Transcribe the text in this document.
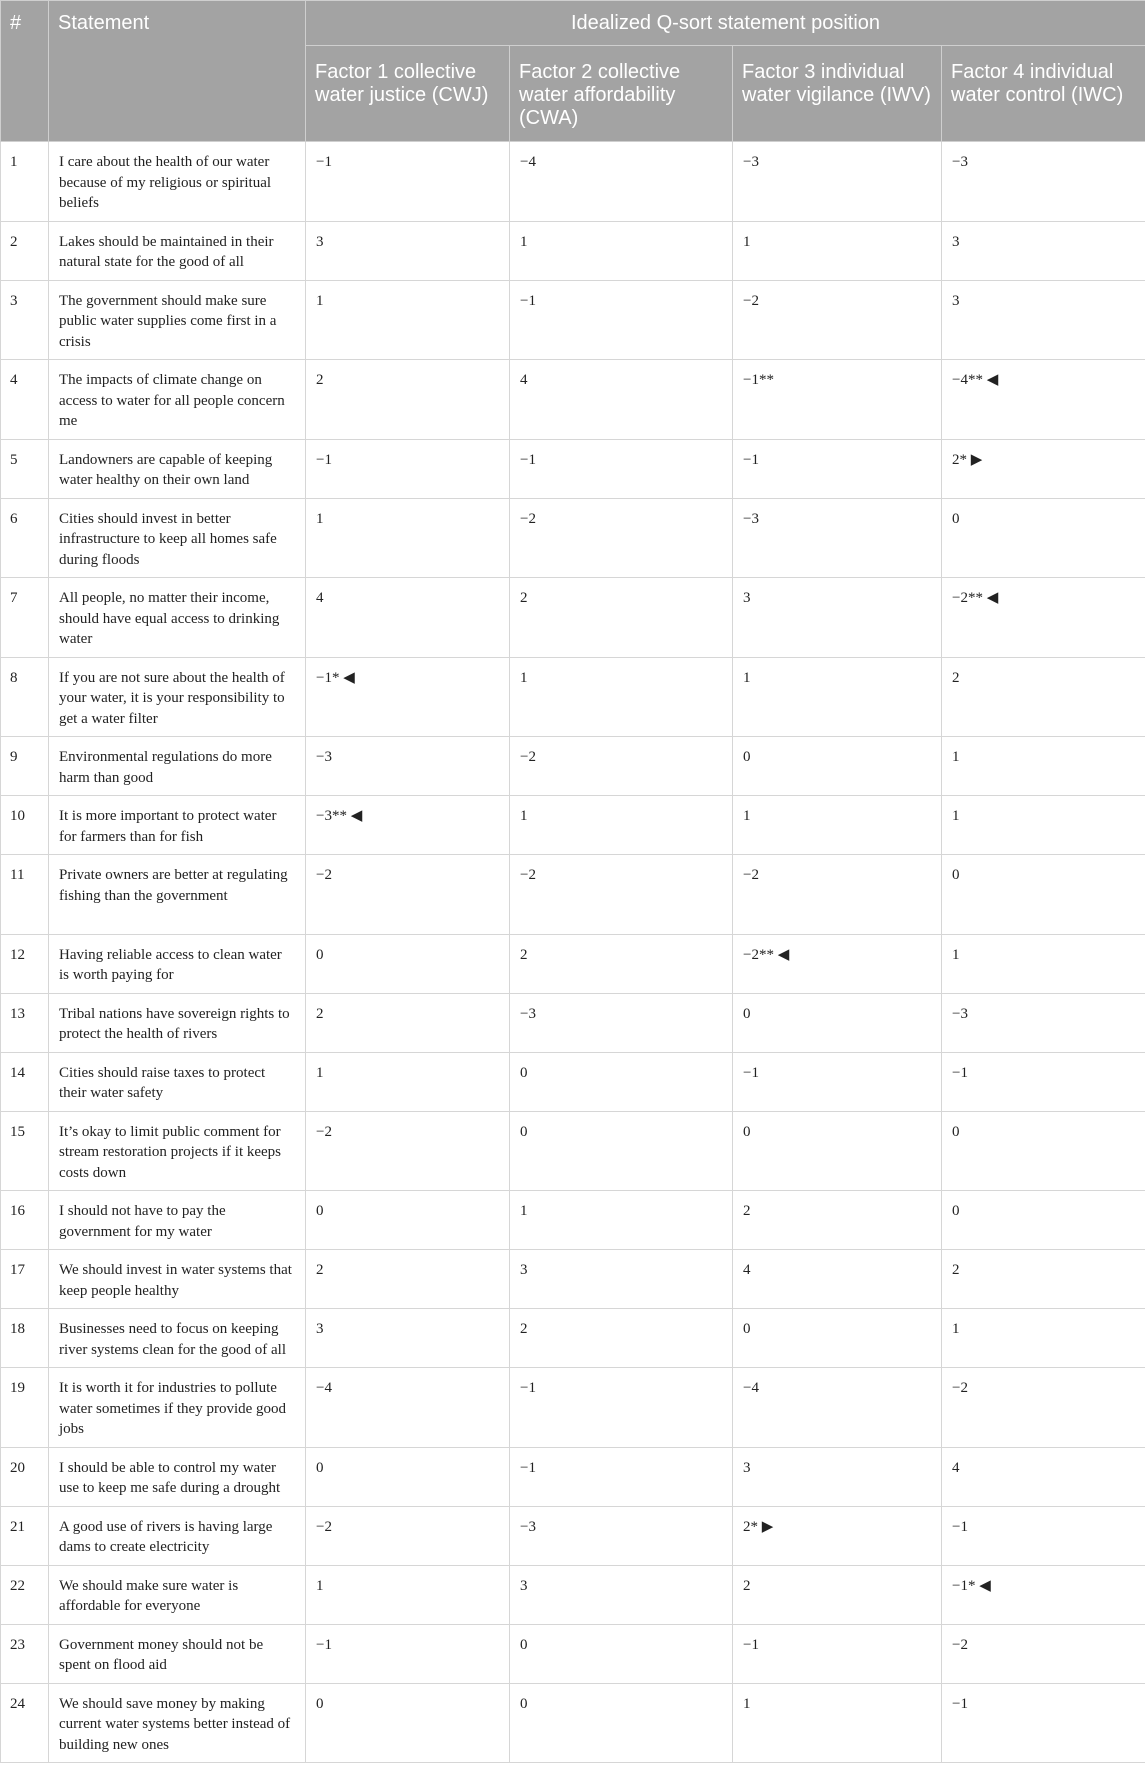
#	Statement	Idealized Q-sort statement position			
		Factor 1 collective water justice (CWJ)	Factor 2 collective water affordability (CWA)	Factor 3 individual water vigilance (IWV)	Factor 4 individual water control (IWC)
1	I care about the health of our water because of my religious or spiritual beliefs	−1	−4	−3	−3
2	Lakes should be maintained in their natural state for the good of all	3	1	1	3
3	The government should make sure public water supplies come first in a crisis	1	−1	−2	3
4	The impacts of climate change on access to water for all people concern me	2	4	−1**	−4** ◀
5	Landowners are capable of keeping water healthy on their own land	−1	−1	−1	2* ▶
6	Cities should invest in better infrastructure to keep all homes safe during floods	1	−2	−3	0
7	All people, no matter their income, should have equal access to drinking water	4	2	3	−2** ◀
8	If you are not sure about the health of your water, it is your responsibility to get a water filter	−1* ◀	1	1	2
9	Environmental regulations do more harm than good	−3	−2	0	1
10	It is more important to protect water for farmers than for fish	−3** ◀	1	1	1
11	Private owners are better at regulating fishing than the government	−2	−2	−2	0
12	Having reliable access to clean water is worth paying for	0	2	−2** ◀	1
13	Tribal nations have sovereign rights to protect the health of rivers	2	−3	0	−3
14	Cities should raise taxes to protect their water safety	1	0	−1	−1
15	It’s okay to limit public comment for stream restoration projects if it keeps costs down	−2	0	0	0
16	I should not have to pay the government for my water	0	1	2	0
17	We should invest in water systems that keep people healthy	2	3	4	2
18	Businesses need to focus on keeping river systems clean for the good of all	3	2	0	1
19	It is worth it for industries to pollute water sometimes if they provide good jobs	−4	−1	−4	−2
20	I should be able to control my water use to keep me safe during a drought	0	−1	3	4
21	A good use of rivers is having large dams to create electricity	−2	−3	2* ▶	−1
22	We should make sure water is affordable for everyone	1	3	2	−1* ◀
23	Government money should not be spent on flood aid	−1	0	−1	−2
24	We should save money by making current water systems better instead of building new ones	0	0	1	−1
